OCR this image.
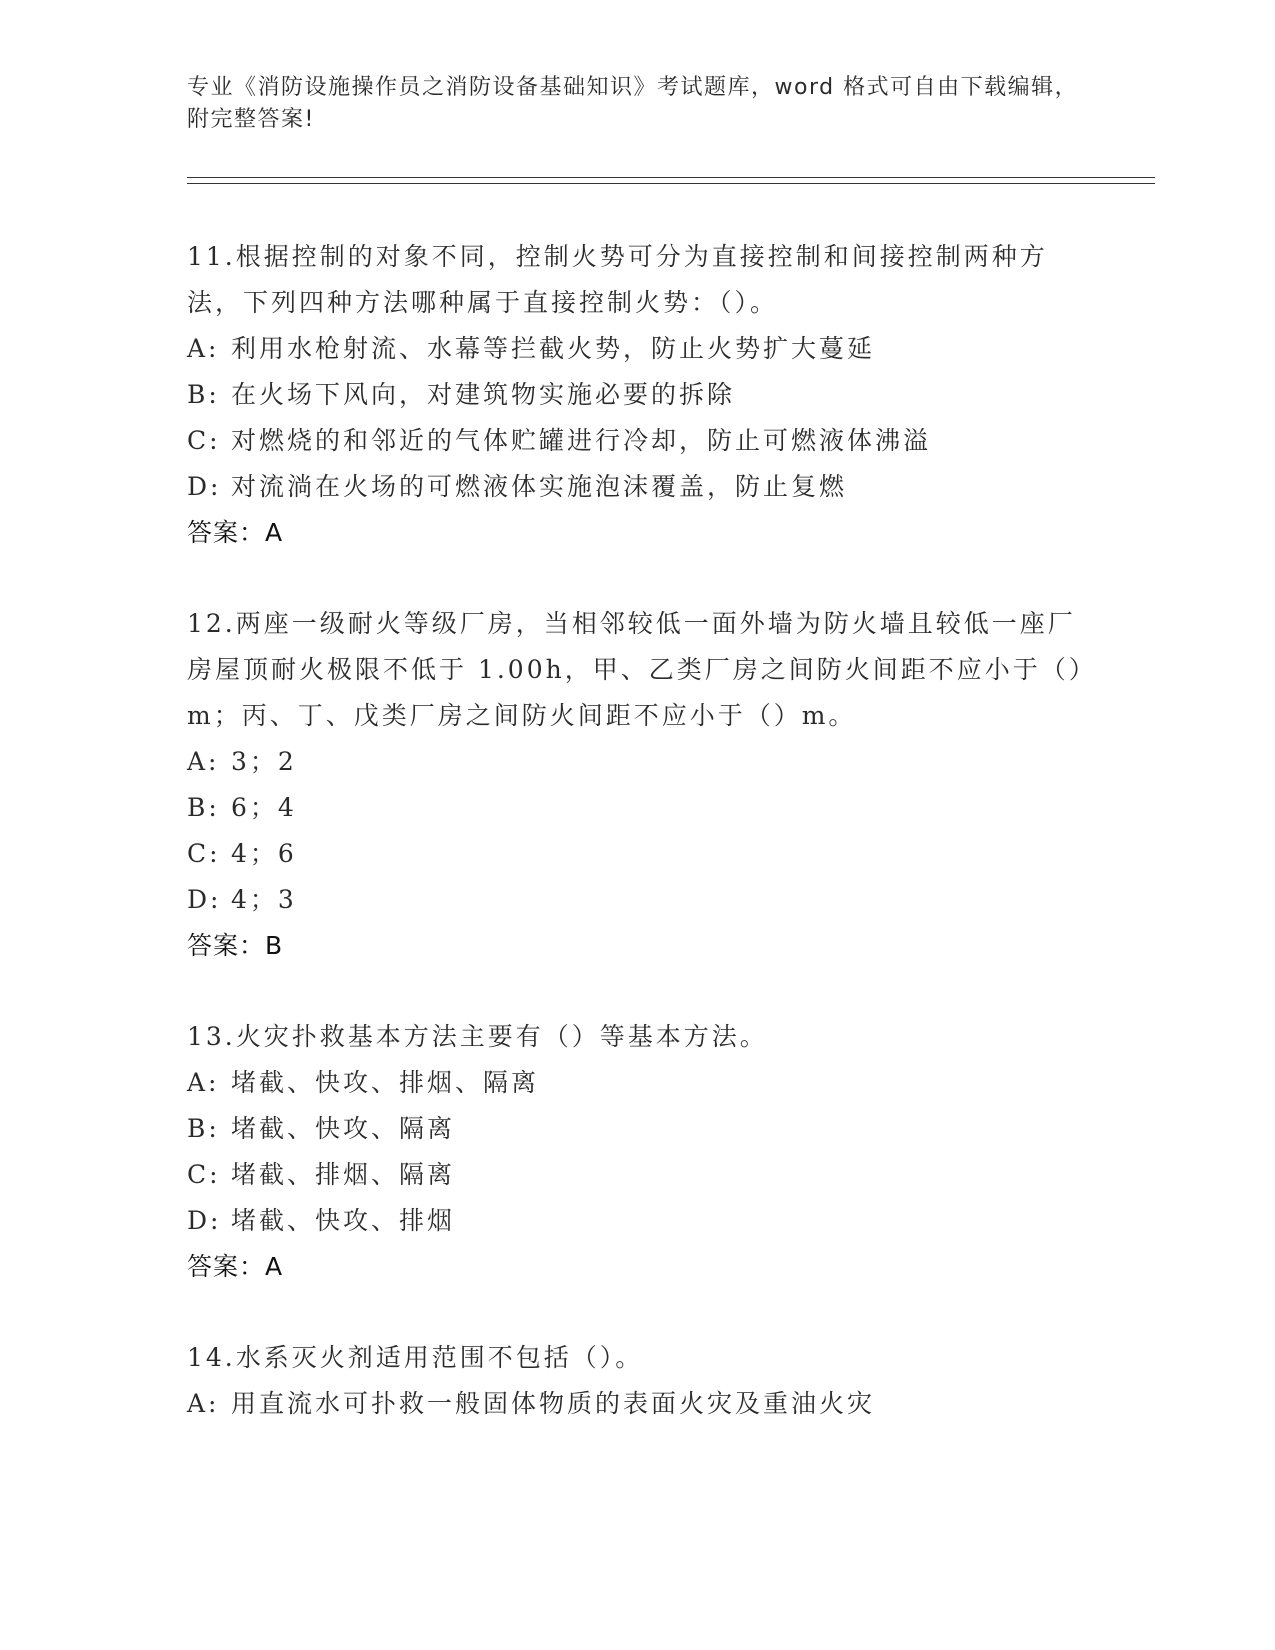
专业《消防设施操作员之消防设备基础知识》考试题库，word 格式可自由下载编辑，附完整答案!
11.根据控制的对象不同，控制火势可分为直接控制和间接控制两种方法，下列四种方法哪种属于直接控制火势：（）。
A: 利用水枪射流、水幕等拦截火势，防止火势扩大蔓延
B: 在火场下风向，对建筑物实施必要的拆除
C: 对燃烧的和邻近的气体贮罐进行冷却，防止可燃液体沸溢
D: 对流淌在火场的可燃液体实施泡沫覆盖，防止复燃
答案：A
12.两座一级耐火等级厂房，当相邻较低一面外墙为防火墙且较低一座厂房屋顶耐火极限不低于 1.00h，甲、乙类厂房之间防火间距不应小于（）m；丙、丁、戊类厂房之间防火间距不应小于（）m。
A: 3；2
B: 6；4
C: 4；6
D: 4；3
答案：B
13.火灾扑救基本方法主要有（）等基本方法。
A: 堵截、快攻、排烟、隔离
B: 堵截、快攻、隔离
C: 堵截、排烟、隔离
D: 堵截、快攻、排烟
答案：A
14.水系灭火剂适用范围不包括（）。
A: 用直流水可扑救一般固体物质的表面火灾及重油火灾
